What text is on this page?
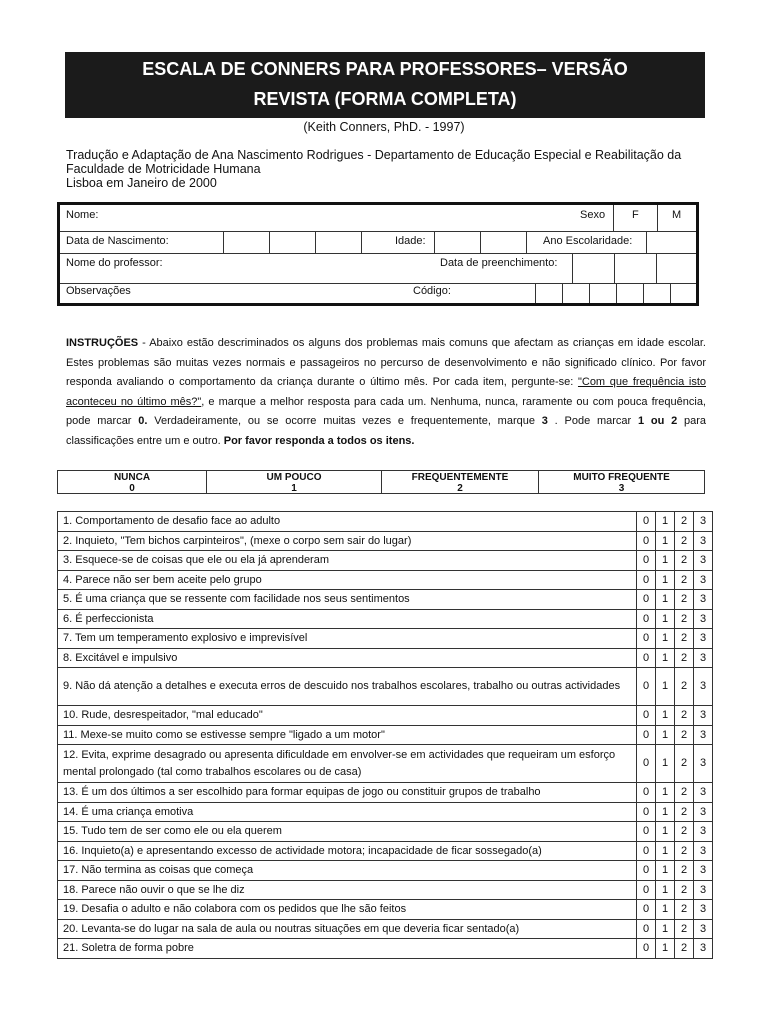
ESCALA DE CONNERS PARA PROFESSORES– VERSÃO
REVISTA (FORMA COMPLETA)
(Keith Conners, PhD. - 1997)
Tradução e Adaptação de Ana Nascimento Rodrigues - Departamento de Educação Especial e Reabilitação da
Faculdade de Motricidade Humana
Lisboa em Janeiro de 2000
Nome:	Sexo F	M
Data de Nascimento:	Idade:	Ano Escolaridade:
Nome do professor:	Data de preenchimento:
Observações	Código:
INSTRUÇÕES - Abaixo estão descriminados os alguns dos problemas mais comuns que afectam as crianças em idade escolar. Estes problemas são muitas vezes normais e passageiros no percurso de desenvolvimento e não significado clínico. Por favor responda avaliando o comportamento da criança durante o último mês. Por cada item, pergunte-se: "Com que frequência isto aconteceu no último mês?", e marque a melhor resposta para cada um. Nenhuma, nunca, raramente ou com pouca frequência, pode marcar 0. Verdadeiramente, ou se ocorre muitas vezes e frequentemente, marque 3 . Pode marcar 1 ou 2 para classificações entre um e outro. Por favor responda a todos os itens.
NUNCA
0
UM POUCO
1
FREQUENTEMENTE
2
MUITO FREQUENTE
3
1. Comportamento de desafio face ao adulto	0	1	2	3
2. Inquieto, "Tem bichos carpinteiros", (mexe o corpo sem sair do lugar)	0	1	2	3
3. Esquece-se de coisas que ele ou ela já aprenderam	0	1	2	3
4. Parece não ser bem aceite pelo grupo	0	1	2	3
5. É uma criança que se ressente com facilidade nos seus sentimentos	0	1	2	3
6. É perfeccionista	0	1	2	3
7. Tem um temperamento explosivo e imprevisível	0	1	2	3
8. Excitável e impulsivo	0	1	2	3
9. Não dá atenção a detalhes e executa erros de descuido nos trabalhos escolares, trabalho ou outras actividades	0	1	2	3
10. Rude, desrespeitador, "mal educado"	0	1	2	3
11. Mexe-se muito como se estivesse sempre "ligado a um motor"	0	1	2	3
12. Evita, exprime desagrado ou apresenta dificuldade em envolver-se em actividades que requeiram um esforço mental prolongado (tal como trabalhos escolares ou de casa)	0	1	2	3
13. É um dos últimos a ser escolhido para formar equipas de jogo ou constituir grupos de trabalho	0	1	2	3
14. É uma criança emotiva	0	1	2	3
15. Tudo tem de ser como ele ou ela querem	0	1	2	3
16. Inquieto(a) e apresentando excesso de actividade motora; incapacidade de ficar sossegado(a)	0	1	2	3
17. Não termina as coisas que começa	0	1	2	3
18. Parece não ouvir o que se lhe diz	0	1	2	3
19. Desafia o adulto e não colabora com os pedidos que lhe são feitos	0	1	2	3
20. Levanta-se do lugar na sala de aula ou noutras situações em que deveria ficar sentado(a)	0	1	2	3
21. Soletra de forma pobre	0	1	2	3
